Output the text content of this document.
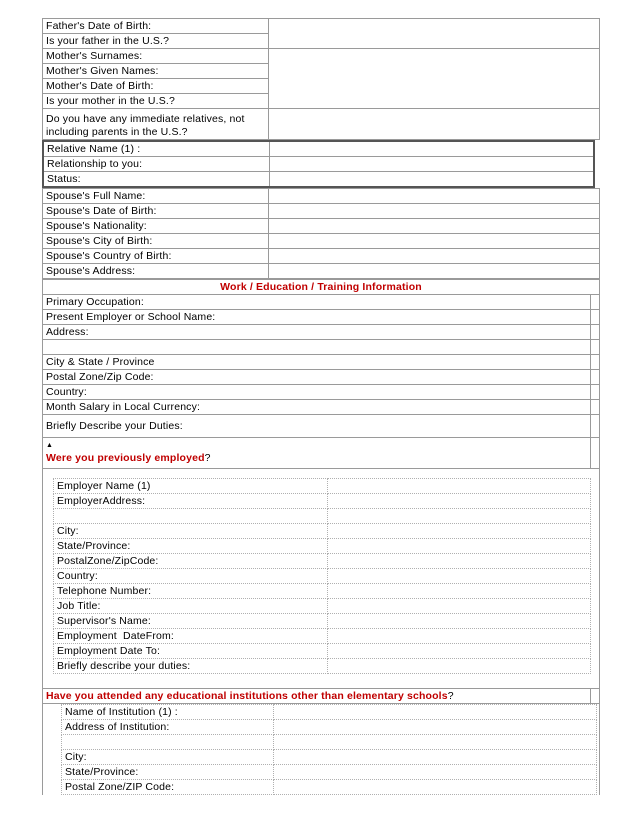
Father's Date of Birth:	
Is your father in the U.S.?	
Mother's Surnames:	
Mother's Given Names:	
Mother's Date of Birth:	
Is your mother in the U.S.?	
Do you have any immediate relatives, not including parents in the U.S.?	
Relative Name (1) :	
Relationship to you:	
Status:	
Spouse's Full Name:	
Spouse's Date of Birth:	
Spouse's Nationality:	
Spouse's City of Birth:	
Spouse's Country of Birth:	
Spouse's Address:	
Work / Education / Training Information	
Primary Occupation:	
Present Employer or School Name:	
Address:	

City & State / Province	
Postal Zone/Zip Code:	
Country:	
Month Salary in Local Currency:	
Briefly Describe your Duties:	
▲
Were you previously employed?	
Employer Name (1)	
EmployerAddress:	

City:	
State/Province:	
PostalZone/ZipCode:	
Country:	
Telephone Number:	
Job Title:	
Supervisor's Name:	
Employment  DateFrom:	
Employment Date To:	
Briefly describe your duties:	
Have you attended any educational institutions other than elementary schools?	
Name of Institution (1) :	
Address of Institution:	

City:	
State/Province:	
Postal Zone/ZIP Code:	
